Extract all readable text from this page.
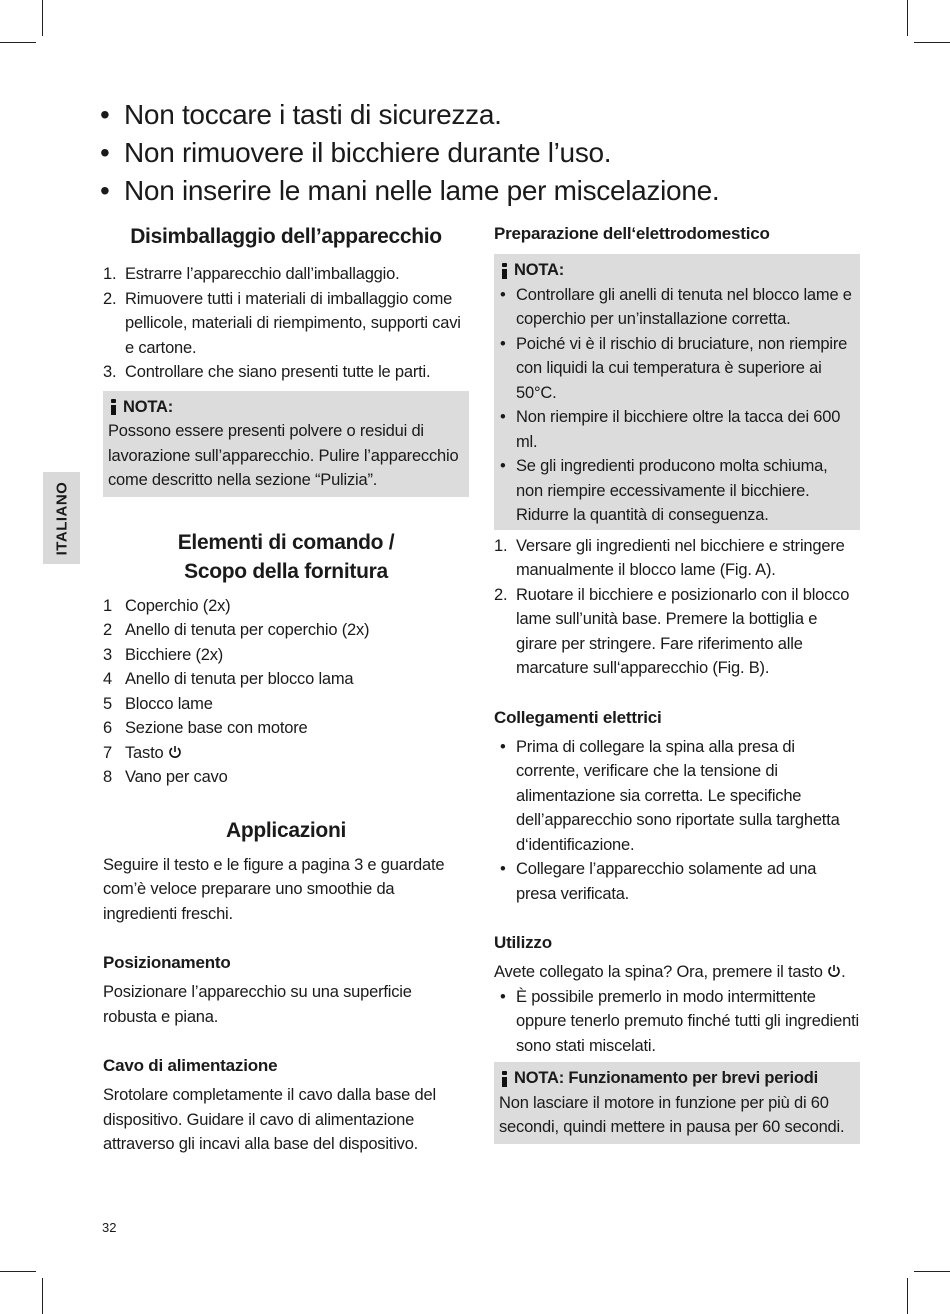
ITALIANO
• Non toccare i tasti di sicurezza.
• Non rimuovere il bicchiere durante l’uso.
• Non inserire le mani nelle lame per miscelazione.
Disimballaggio dell’apparecchio
1. Estrarre l’apparecchio dall’imballaggio.
2. Rimuovere tutti i materiali di imballaggio come pellicole, materiali di riempimento, supporti cavi e cartone.
3. Controllare che siano presenti tutte le parti.
NOTA:
Possono essere presenti polvere o residui di lavorazione sull’apparecchio. Pulire l’apparecchio come descritto nella sezione “Pulizia”.
Elementi di comando /
Scopo della fornitura
1 Coperchio (2x)
2 Anello di tenuta per coperchio (2x)
3 Bicchiere (2x)
4 Anello di tenuta per blocco lama
5 Blocco lame
6 Sezione base con motore
7 Tasto
8 Vano per cavo
Applicazioni

Seguire il testo e le figure a pagina 3 e guardate com’è veloce preparare uno smoothie da ingredienti freschi.

Posizionamento

Posizionare l’apparecchio su una superficie robusta e piana.

Cavo di alimentazione

Srotolare completamente il cavo dalla base del dispositivo. Guidare il cavo di alimentazione attraverso gli incavi alla base del dispositivo.

Preparazione dell‘elettrodomestico
NOTA:
• Controllare gli anelli di tenuta nel blocco lame e coperchio per un’installazione corretta.
• Poiché vi è il rischio di bruciature, non riempire con liquidi la cui temperatura è superiore ai 50°C.
• Non riempire il bicchiere oltre la tacca dei 600 ml.
• Se gli ingredienti producono molta schiuma, non riempire eccessivamente il bicchiere. Ridurre la quantità di conseguenza.
1. Versare gli ingredienti nel bicchiere e stringere manualmente il blocco lame (Fig. A).
2. Ruotare il bicchiere e posizionarlo con il blocco lame sull’unità base. Premere la bottiglia e girare per stringere. Fare riferimento alle marcature sull‘apparecchio (Fig. B).
Collegamenti elettrici
• Prima di collegare la spina alla presa di corrente, verificare che la tensione di alimentazione sia corretta. Le specifiche dell’apparecchio sono riportate sulla targhetta d‘identificazione.
• Collegare l’apparecchio solamente ad una presa verificata.
Utilizzo

Avete collegato la spina? Ora, premere il tasto .

• È possibile premerlo in modo intermittente oppure tenerlo premuto finché tutti gli ingredienti sono stati miscelati.
NOTA: Funzionamento per brevi periodi
Non lasciare il motore in funzione per più di 60 secondi, quindi mettere in pausa per 60 secondi.
32
